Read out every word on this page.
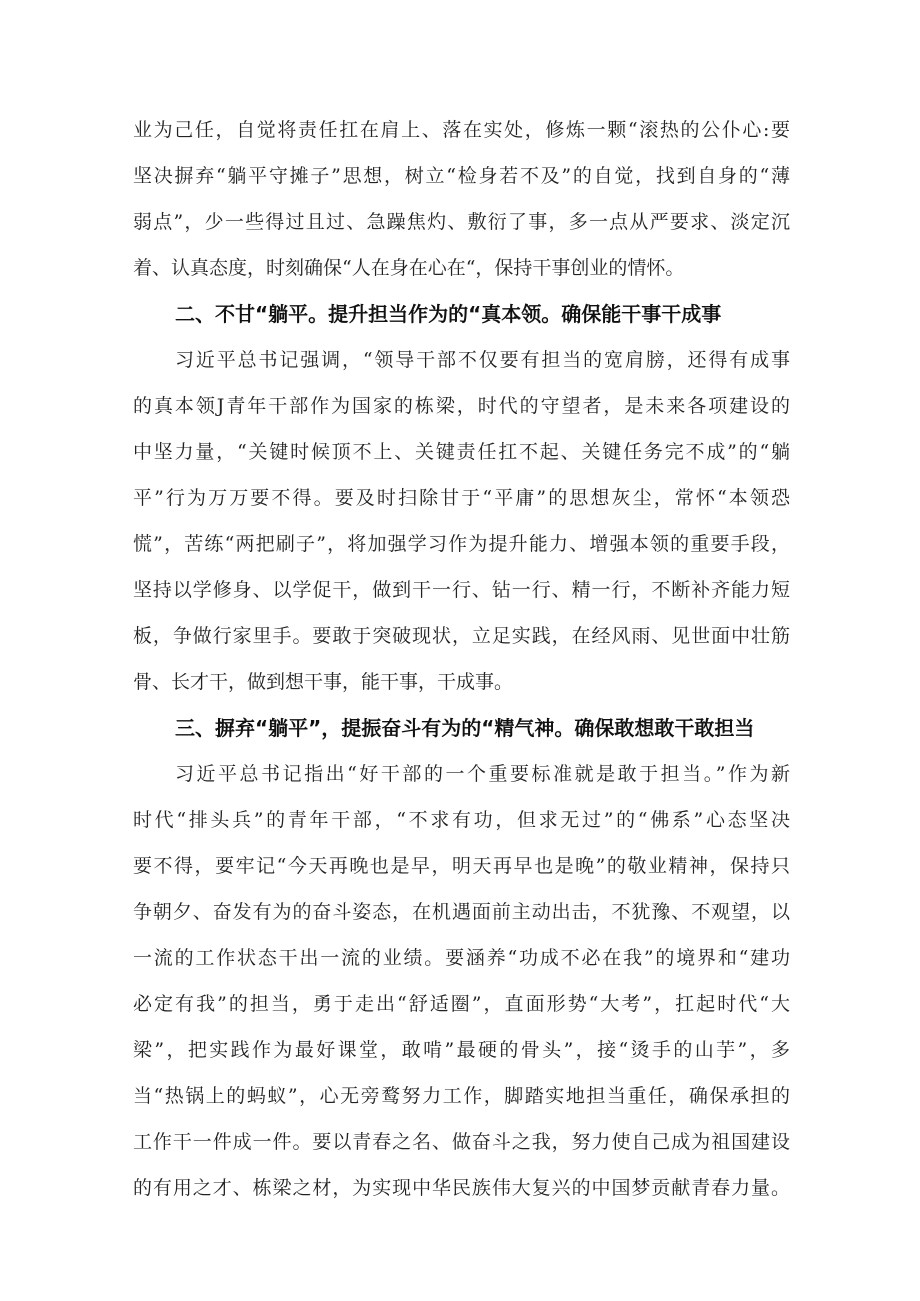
业为己任，自觉将责任扛在肩上、落在实处，修炼一颗“滚热的公仆心:要
坚决摒弃“躺平守摊子”思想，树立“检身若不及”的自觉，找到自身的“薄
弱点”，少一些得过且过、急躁焦灼、敷衍了事，多一点从严要求、淡定沉
着、认真态度，时刻确保“人在身在心在“，保持干事创业的情怀。
二、不甘“躺平。提升担当作为的“真本领。确保能干事干成事
习近平总书记强调，“领导干部不仅要有担当的宽肩膀，还得有成事
的真本领J青年干部作为国家的栋梁，时代的守望者，是未来各项建设的
中坚力量，“关键时候顶不上、关键责任扛不起、关键任务完不成”的“躺
平”行为万万要不得。要及时扫除甘于“平庸”的思想灰尘，常怀“本领恐
慌”，苦练“两把刷子”，将加强学习作为提升能力、增强本领的重要手段，
坚持以学修身、以学促干，做到干一行、钻一行、精一行，不断补齐能力短
板，争做行家里手。要敢于突破现状，立足实践，在经风雨、见世面中壮筋
骨、长才干，做到想干事，能干事，干成事。
三、摒弃“躺平”，提振奋斗有为的“精气神。确保敢想敢干敢担当
习近平总书记指出“好干部的一个重要标准就是敢于担当。”作为新
时代“排头兵”的青年干部，“不求有功，但求无过”的“佛系”心态坚决
要不得，要牢记“今天再晚也是早，明天再早也是晚”的敬业精神，保持只
争朝夕、奋发有为的奋斗姿态，在机遇面前主动出击，不犹豫、不观望，以
一流的工作状态干出一流的业绩。要涵养“功成不必在我”的境界和“建功
必定有我”的担当，勇于走出“舒适圈”，直面形势“大考”，扛起时代“大
梁”，把实践作为最好课堂，敢啃”最硬的骨头”，接“烫手的山芋”，多
当“热锅上的蚂蚁”，心无旁鹜努力工作，脚踏实地担当重任，确保承担的
工作干一件成一件。要以青春之名、做奋斗之我，努力使自己成为祖国建设
的有用之才、栋梁之材，为实现中华民族伟大复兴的中国梦贡献青春力量。
